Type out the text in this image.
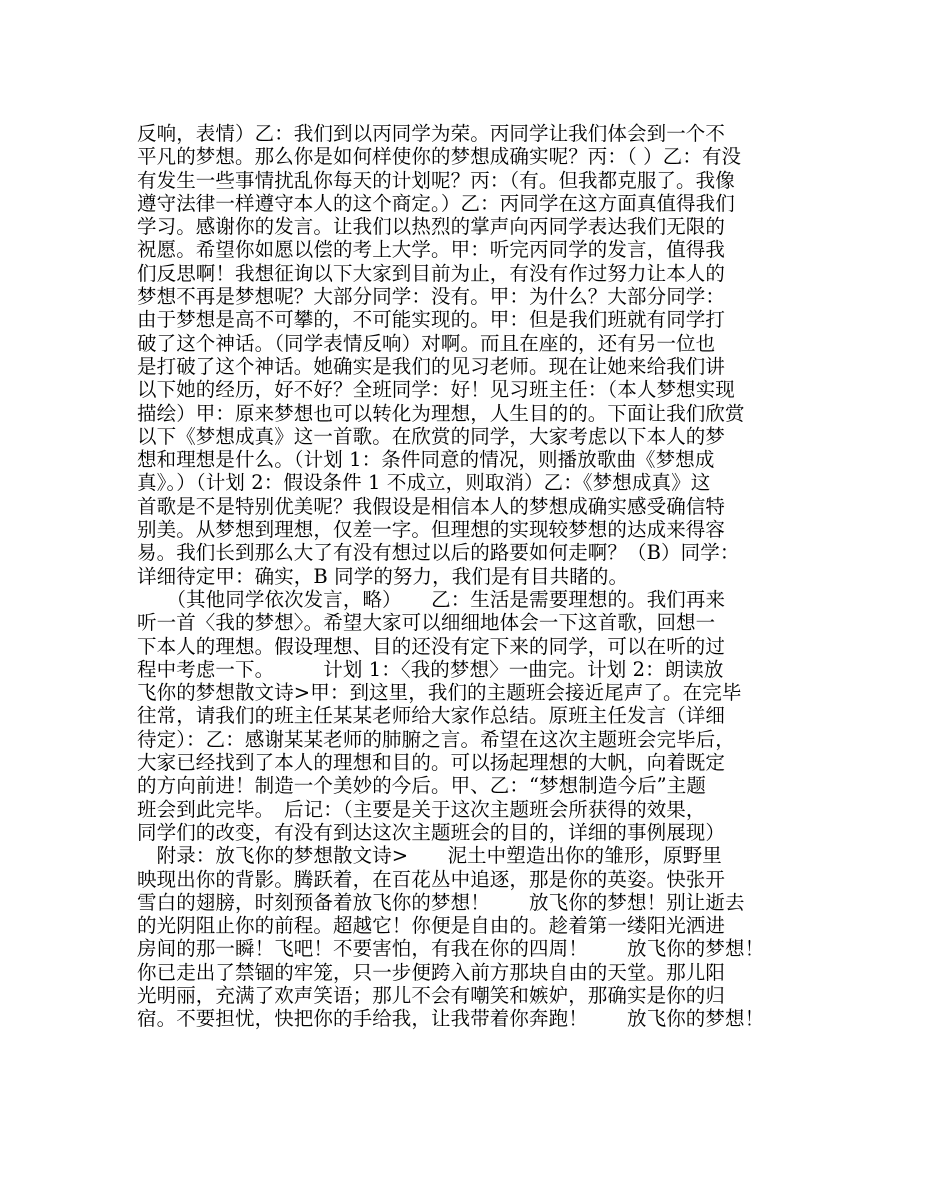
反响，表情）乙：我们到以丙同学为荣。丙同学让我们体会到一个不
平凡的梦想。那么你是如何样使你的梦想成确实呢？丙：（ ）乙：有没
有发生一些事情扰乱你每天的计划呢？丙：（有。但我都克服了。我像
遵守法律一样遵守本人的这个商定。）乙：丙同学在这方面真值得我们
学习。感谢你的发言。让我们以热烈的掌声向丙同学表达我们无限的
祝愿。希望你如愿以偿的考上大学。甲：听完丙同学的发言，值得我
们反思啊！我想征询以下大家到目前为止，有没有作过努力让本人的
梦想不再是梦想呢？大部分同学：没有。甲：为什么？大部分同学：
由于梦想是高不可攀的，不可能实现的。甲：但是我们班就有同学打
破了这个神话。（同学表情反响）对啊。而且在座的，还有另一位也
是打破了这个神话。她确实是我们的见习老师。现在让她来给我们讲
以下她的经历，好不好？全班同学：好！见习班主任：（本人梦想实现
描绘）甲：原来梦想也可以转化为理想，人生目的的。下面让我们欣赏
以下《梦想成真》这一首歌。在欣赏的同学，大家考虑以下本人的梦
想和理想是什么。（计划 1：条件同意的情况，则播放歌曲《梦想成
真》。）（计划 2：假设条件 1 不成立，则取消）乙：《梦想成真》这
首歌是不是特别优美呢？我假设是相信本人的梦想成确实感受确信特
别美。从梦想到理想，仅差一字。但理想的实现较梦想的达成来得容
易。我们长到那么大了有没有想过以后的路要如何走啊？（B）同学：
详细待定甲：确实，B 同学的努力，我们是有目共睹的。
　　（其他同学依次发言，略）　　乙：生活是需要理想的。我们再来
听一首〈我的梦想〉。希望大家可以细细地体会一下这首歌，回想一
下本人的理想。假设理想、目的还没有定下来的同学，可以在听的过
程中考虑一下。　　　计划 1：〈我的梦想〉一曲完。计划 2：朗读放
飞你的梦想散文诗>甲：到这里，我们的主题班会接近尾声了。在完毕
往常，请我们的班主任某某老师给大家作总结。原班主任发言（详细
待定）：乙：感谢某某老师的肺腑之言。希望在这次主题班会完毕后，
大家已经找到了本人的理想和目的。可以扬起理想的大帆，向着既定
的方向前进！制造一个美妙的今后。甲、乙：“梦想制造今后”主题
班会到此完毕。　后记：（主要是关于这次主题班会所获得的效果，
同学们的改变，有没有到达这次主题班会的目的，详细的事例展现）
　附录：放飞你的梦想散文诗>　　泥土中塑造出你的雏形，原野里
映现出你的背影。腾跃着，在百花丛中追逐，那是你的英姿。快张开
雪白的翅膀，时刻预备着放飞你的梦想！　　放飞你的梦想！别让逝去
的光阴阻止你的前程。超越它！你便是自由的。趁着第一缕阳光洒进
房间的那一瞬！飞吧！不要害怕，有我在你的四周！　　放飞你的梦想！
你已走出了禁锢的牢笼，只一步便跨入前方那块自由的天堂。那儿阳
光明丽，充满了欢声笑语；那儿不会有嘲笑和嫉妒，那确实是你的归
宿。不要担忧，快把你的手给我，让我带着你奔跑！　　放飞你的梦想！
